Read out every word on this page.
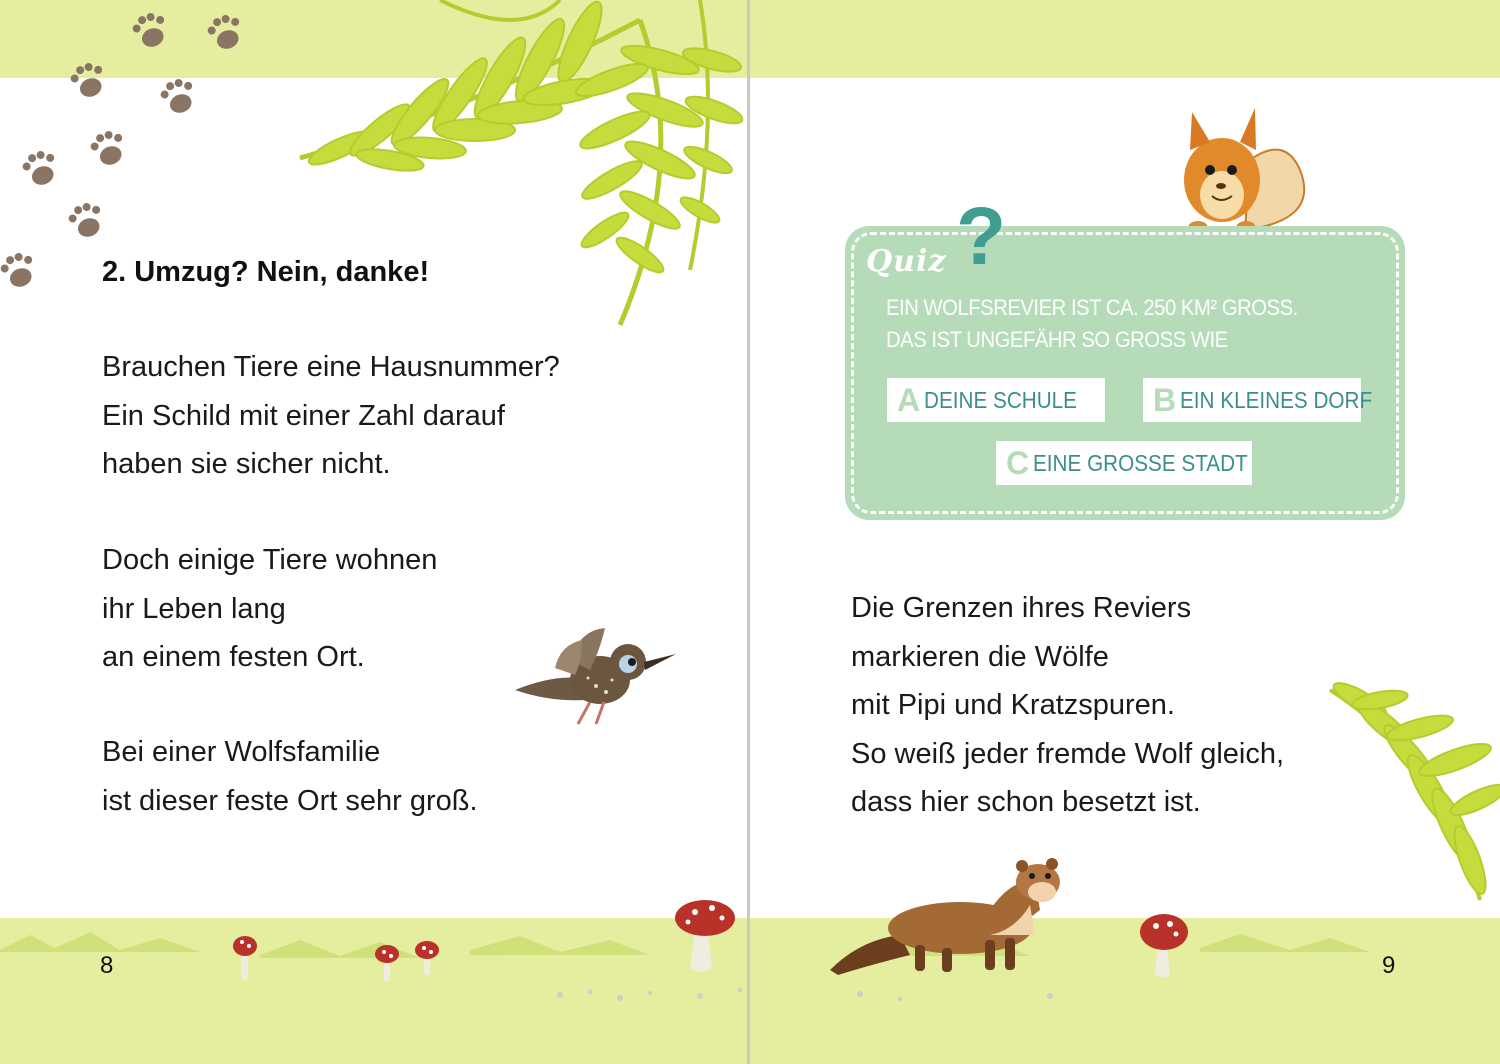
2. Umzug? Nein, danke!
Brauchen Tiere eine Hausnummer?
Ein Schild mit einer Zahl darauf
haben sie sicher nicht.
Doch einige Tiere wohnen
ihr Leben lang
an einem festen Ort.
Bei einer Wolfsfamilie
ist dieser feste Ort sehr groß.
8
Quiz ?
EIN WOLFSREVIER IST CA. 250 KM² GROSS. DAS IST UNGEFÄHR SO GROSS WIE
A DEINE SCHULE B EIN KLEINES DORF
C EINE GROSSE STADT
Die Grenzen ihres Reviers
markieren die Wölfe
mit Pipi und Kratzspuren.
So weiß jeder fremde Wolf gleich,
dass hier schon besetzt ist.
9
